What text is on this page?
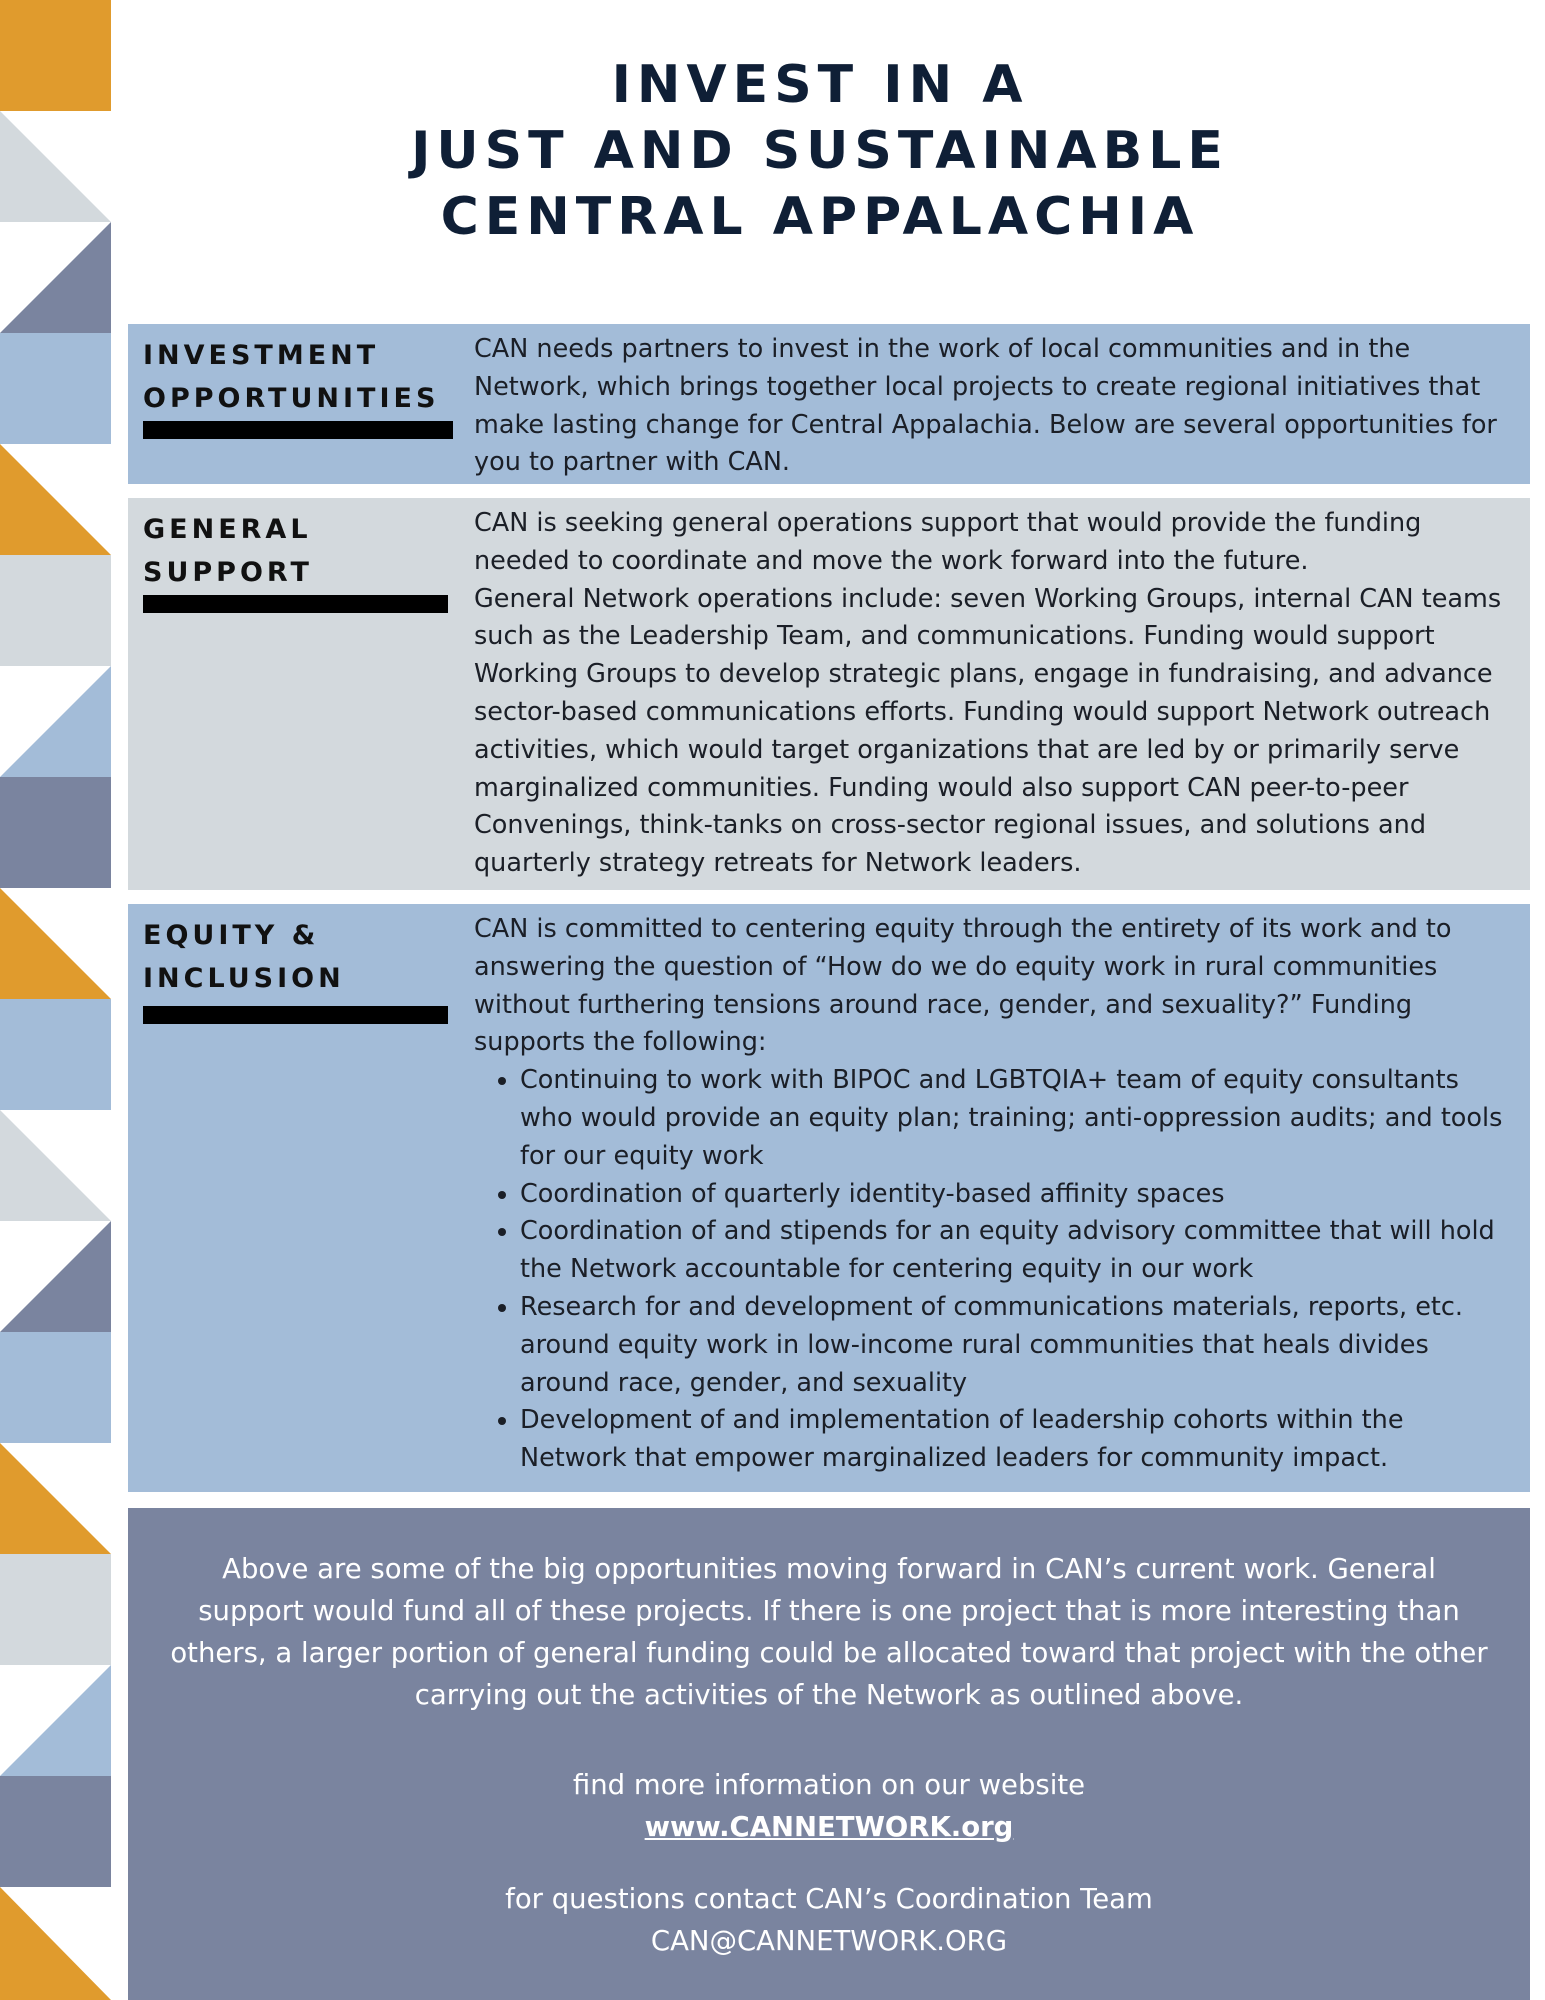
INVEST IN A
JUST AND SUSTAINABLE
CENTRAL APPALACHIA
INVESTMENT
OPPORTUNITIES

CAN needs partners to invest in the work of local communities and in the Network, which brings together local projects to create regional initiatives that make lasting change for Central Appalachia. Below are several opportunities for you to partner with CAN.

GENERAL
SUPPORT

CAN is seeking general operations support that would provide the funding needed to coordinate and move the work forward into the future.

General Network operations include: seven Working Groups, internal CAN teams such as the Leadership Team, and communications. Funding would support Working Groups to develop strategic plans, engage in fundraising, and advance sector-based communications efforts. Funding would support Network outreach activities, which would target organizations that are led by or primarily serve marginalized communities. Funding would also support CAN peer-to-peer Convenings, think-tanks on cross-sector regional issues, and solutions and quarterly strategy retreats for Network leaders.

EQUITY &
INCLUSION

CAN is committed to centering equity through the entirety of its work and to answering the question of “How do we do equity work in rural communities without furthering tensions around race, gender, and sexuality?” Funding supports the following:

• Continuing to work with BIPOC and LGBTQIA+ team of equity consultants who would provide an equity plan; training; anti-oppression audits; and tools for our equity work
• Coordination of quarterly identity-based affinity spaces
• Coordination of and stipends for an equity advisory committee that will hold the Network accountable for centering equity in our work
• Research for and development of communications materials, reports, etc. around equity work in low-income rural communities that heals divides around race, gender, and sexuality
• Development of and implementation of leadership cohorts within the Network that empower marginalized leaders for community impact.

Above are some of the big opportunities moving forward in CAN’s current work. General support would fund all of these projects. If there is one project that is more interesting than others, a larger portion of general funding could be allocated toward that project with the other carrying out the activities of the Network as outlined above.

find more information on our website
www.CANNETWORK.org
for questions contact CAN’s Coordination Team
CAN@CANNETWORK.ORG
